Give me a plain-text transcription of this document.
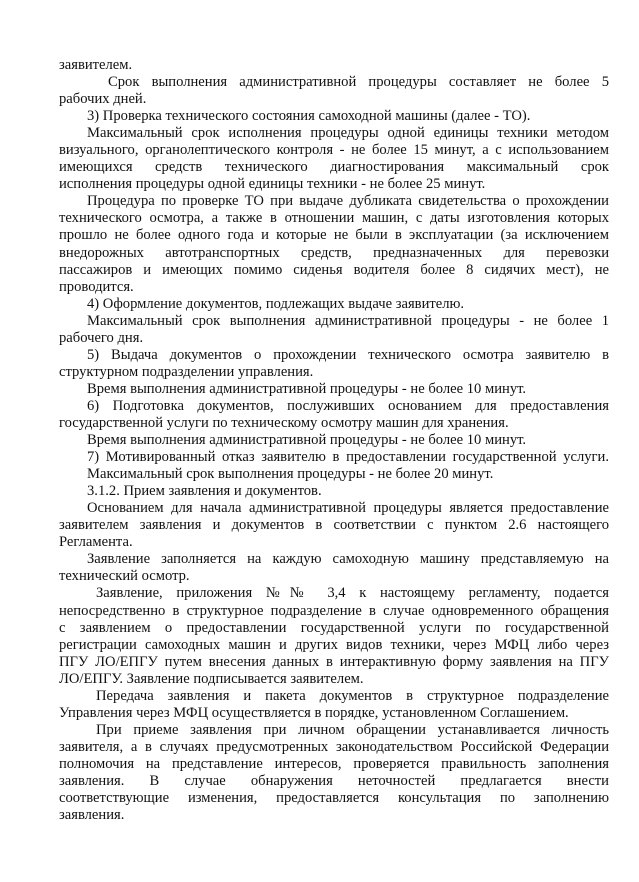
заявителем.
Срок выполнения административной процедуры составляет не более 5
рабочих дней.
3) Проверка технического состояния самоходной машины (далее - ТО).
Максимальный срок исполнения процедуры одной единицы техники методом
визуального, органолептического контроля - не более 15 минут, а с использованием
имеющихся средств технического диагностирования максимальный срок
исполнения процедуры одной единицы техники - не более 25 минут.
Процедура по проверке ТО при выдаче дубликата свидетельства о прохождении
технического осмотра, а также в отношении машин, с даты изготовления которых
прошло не более одного года и которые не были в эксплуатации (за исключением
внедорожных автотранспортных средств, предназначенных для перевозки
пассажиров и имеющих помимо сиденья водителя более 8 сидячих мест), не
проводится.
4) Оформление документов, подлежащих выдаче заявителю.
Максимальный срок выполнения административной процедуры - не более 1
рабочего дня.
5) Выдача документов о прохождении технического осмотра заявителю в
структурном подразделении управления.
Время выполнения административной процедуры - не более 10 минут.
6) Подготовка документов, послуживших основанием для предоставления
государственной услуги по техническому осмотру машин для хранения.
Время выполнения административной процедуры - не более 10 минут.
7) Мотивированный отказ заявителю в предоставлении государственной услуги.
Максимальный срок выполнения процедуры - не более 20 минут.
3.1.2. Прием заявления и документов.
Основанием для начала административной процедуры является предоставление
заявителем заявления и документов в соответствии с пунктом 2.6 настоящего
Регламента.
Заявление заполняется на каждую самоходную машину представляемую на
технический осмотр.
Заявление, приложения №№ 3,4 к настоящему регламенту, подается
непосредственно в структурное подразделение в случае одновременного обращения
с заявлением о предоставлении государственной услуги по государственной
регистрации самоходных машин и других видов техники, через МФЦ либо через
ПГУ ЛО/ЕПГУ путем внесения данных в интерактивную форму заявления на ПГУ
ЛО/ЕПГУ. Заявление подписывается заявителем.
Передача заявления и пакета документов в структурное подразделение
Управления через МФЦ осуществляется в порядке, установленном Соглашением.
При приеме заявления при личном обращении устанавливается личность
заявителя, а в случаях предусмотренных законодательством Российской Федерации
полномочия на представление интересов, проверяется правильность заполнения
заявления. В случае обнаружения неточностей предлагается внести
соответствующие изменения, предоставляется консультация по заполнению
заявления.
